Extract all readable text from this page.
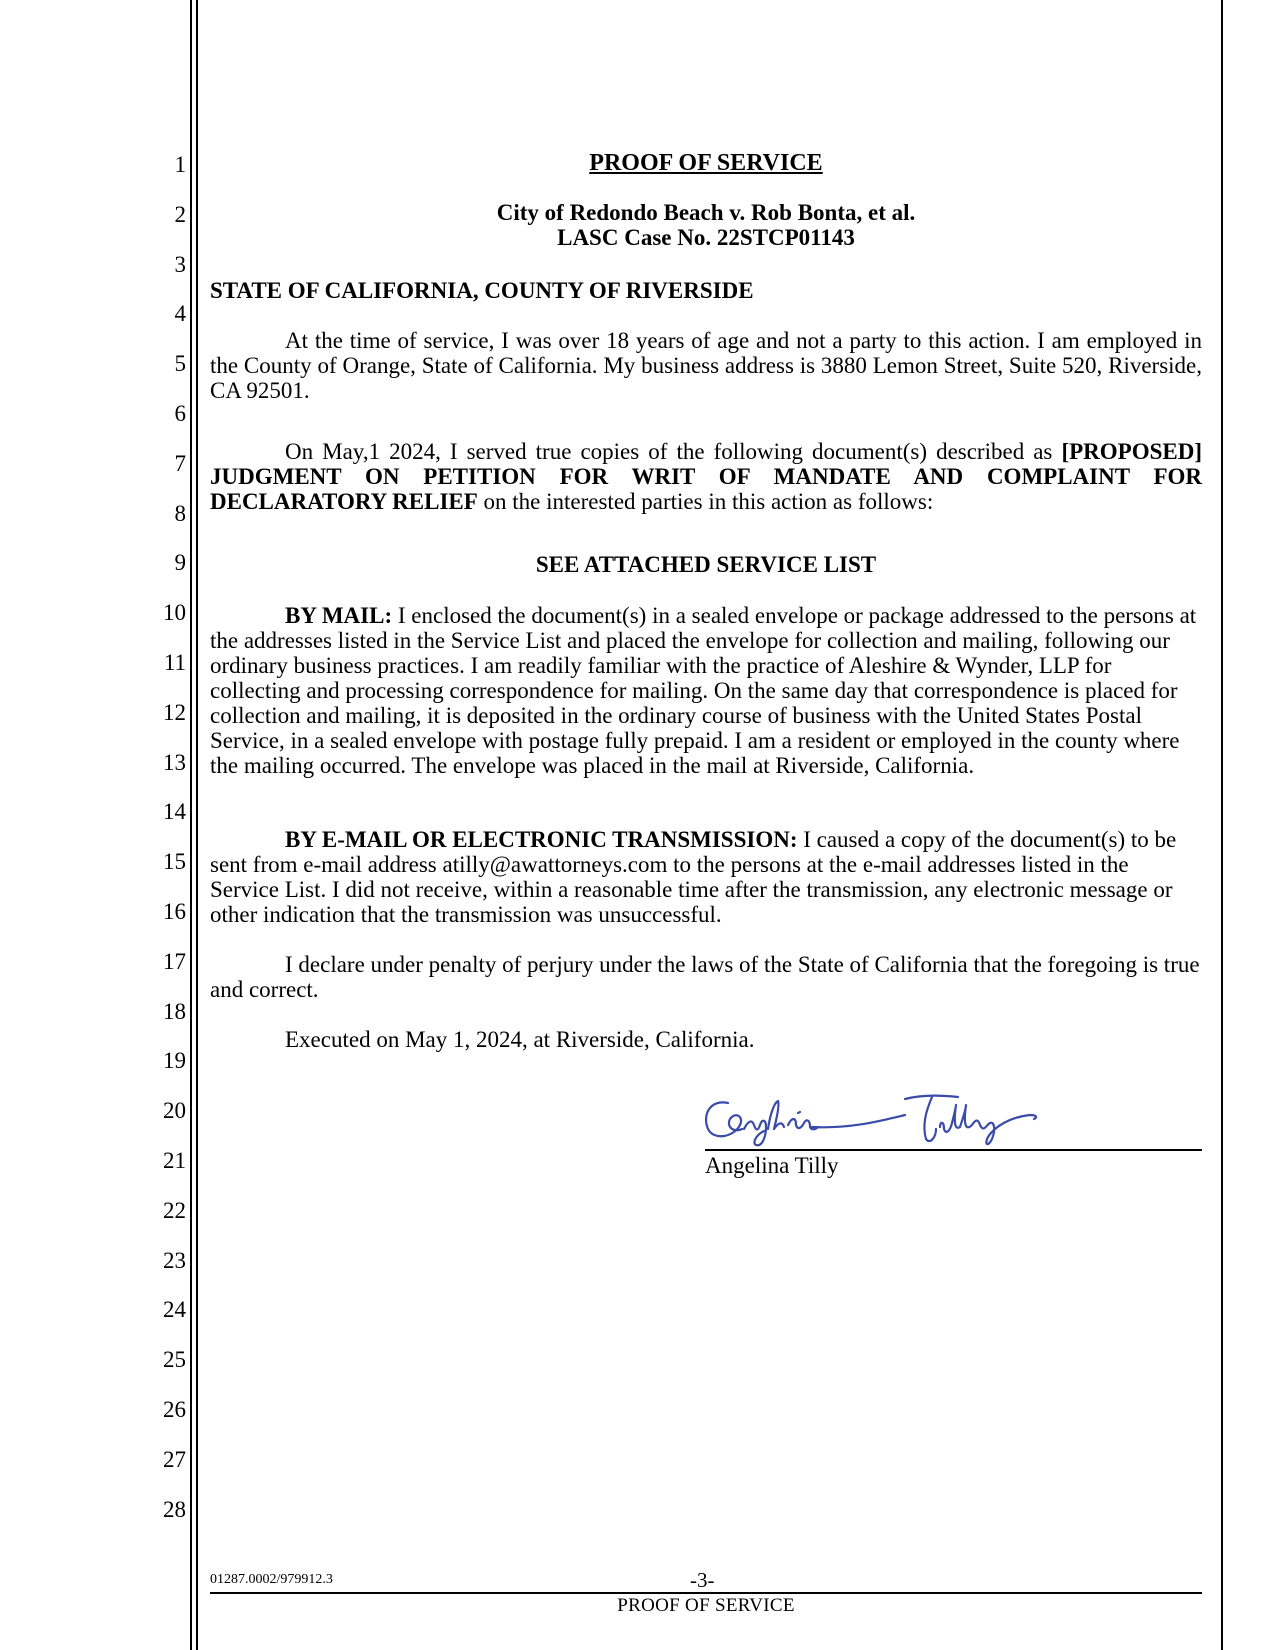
1
2
3
4
5
6
7
8
9
10
11
12
13
14
15
16
17
18
19
20
21
22
23
24
25
26
27
28
PROOF OF SERVICE
City of Redondo Beach v. Rob Bonta, et al.
LASC Case No. 22STCP01143
STATE OF CALIFORNIA, COUNTY OF RIVERSIDE
At the time of service, I was over 18 years of age and not a party to this action. I am employed in the County of Orange, State of California. My business address is 3880 Lemon Street, Suite 520, Riverside, CA 92501.
On May,1 2024, I served true copies of the following document(s) described as [PROPOSED] JUDGMENT ON PETITION FOR WRIT OF MANDATE AND COMPLAINT FOR DECLARATORY RELIEF on the interested parties in this action as follows:
SEE ATTACHED SERVICE LIST
BY MAIL: I enclosed the document(s) in a sealed envelope or package addressed to the persons at the addresses listed in the Service List and placed the envelope for collection and mailing, following our ordinary business practices. I am readily familiar with the practice of Aleshire & Wynder, LLP for collecting and processing correspondence for mailing. On the same day that correspondence is placed for collection and mailing, it is deposited in the ordinary course of business with the United States Postal Service, in a sealed envelope with postage fully prepaid. I am a resident or employed in the county where the mailing occurred. The envelope was placed in the mail at Riverside, California.
BY E-MAIL OR ELECTRONIC TRANSMISSION: I caused a copy of the document(s) to be sent from e-mail address atilly@awattorneys.com to the persons at the e-mail addresses listed in the Service List. I did not receive, within a reasonable time after the transmission, any electronic message or other indication that the transmission was unsuccessful.
I declare under penalty of perjury under the laws of the State of California that the foregoing is true and correct.
Executed on May 1, 2024, at Riverside, California.
Angelina Tilly
01287.0002/979912.3	-3-
PROOF OF SERVICE
